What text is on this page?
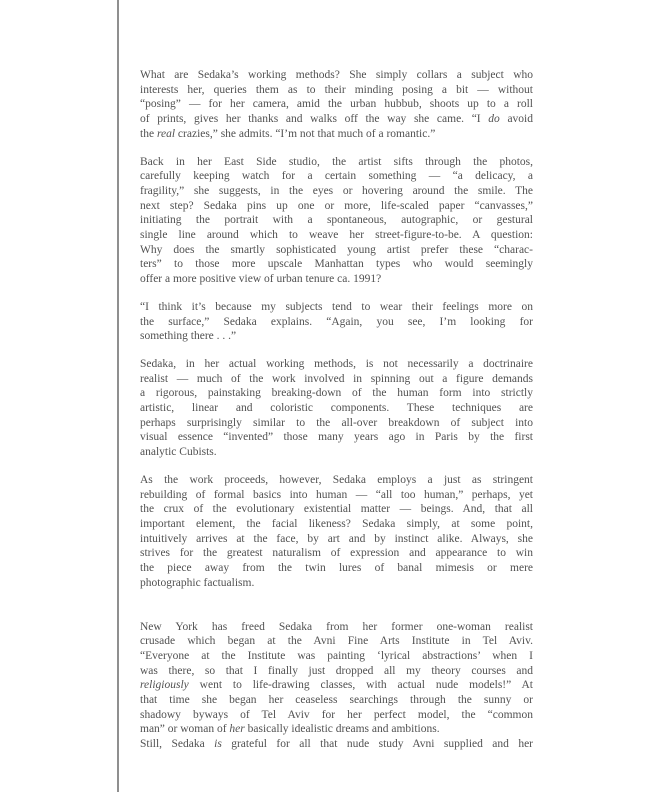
What are Sedaka’s working methods? She simply collars a subject who
interests her, queries them as to their minding posing a bit — without
“posing” — for her camera, amid the urban hubbub, shoots up to a roll
of prints, gives her thanks and walks off the way she came. “I do avoid
the real crazies,” she admits. “I’m not that much of a romantic.”
Back in her East Side studio, the artist sifts through the photos,
carefully keeping watch for a certain something — “a delicacy, a
fragility,” she suggests, in the eyes or hovering around the smile. The
next step? Sedaka pins up one or more, life-scaled paper “canvasses,”
initiating the portrait with a spontaneous, autographic, or gestural
single line around which to weave her street-figure-to-be. A question:
Why does the smartly sophisticated young artist prefer these “charac-
ters” to those more upscale Manhattan types who would seemingly
offer a more positive view of urban tenure ca. 1991?
“I think it’s because my subjects tend to wear their feelings more on
the surface,” Sedaka explains. “Again, you see, I’m looking for
something there . . .”
Sedaka, in her actual working methods, is not necessarily a doctrinaire
realist — much of the work involved in spinning out a figure demands
a rigorous, painstaking breaking-down of the human form into strictly
artistic, linear and coloristic components. These techniques are
perhaps surprisingly similar to the all-over breakdown of subject into
visual essence “invented” those many years ago in Paris by the first
analytic Cubists.
As the work proceeds, however, Sedaka employs a just as stringent
rebuilding of formal basics into human — “all too human,” perhaps, yet
the crux of the evolutionary existential matter — beings. And, that all
important element, the facial likeness? Sedaka simply, at some point,
intuitively arrives at the face, by art and by instinct alike. Always, she
strives for the greatest naturalism of expression and appearance to win
the piece away from the twin lures of banal mimesis or mere
photographic factualism.
New York has freed Sedaka from her former one-woman realist
crusade which began at the Avni Fine Arts Institute in Tel Aviv.
“Everyone at the Institute was painting ‘lyrical abstractions’ when I
was there, so that I finally just dropped all my theory courses and
religiously went to life-drawing classes, with actual nude models!” At
that time she began her ceaseless searchings through the sunny or
shadowy byways of Tel Aviv for her perfect model, the “common
man” or woman of her basically idealistic dreams and ambitions.
Still, Sedaka is grateful for all that nude study Avni supplied and her
